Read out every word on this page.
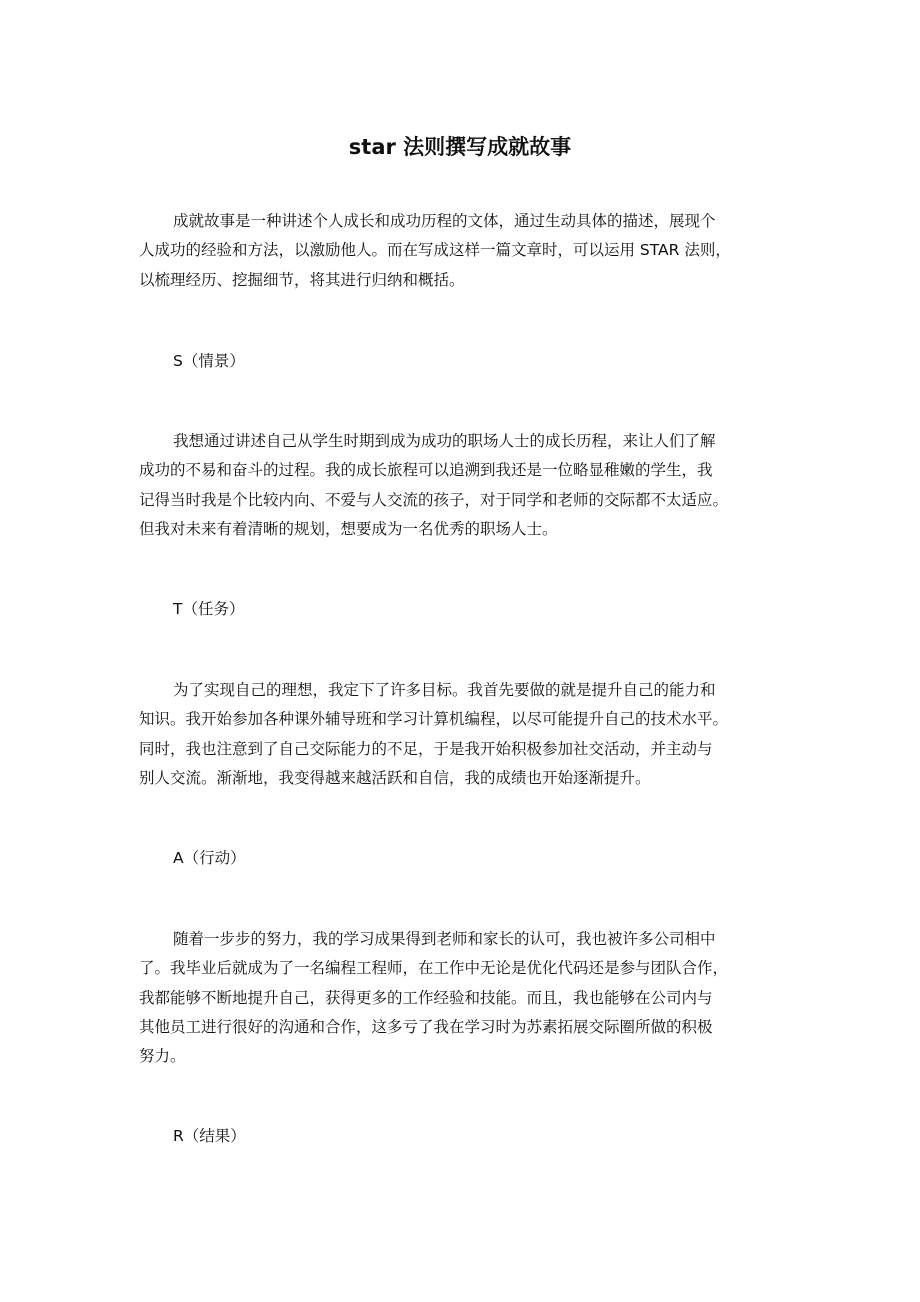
star 法则撰写成就故事

成就故事是一种讲述个人成长和成功历程的文体，通过生动具体的描述，展现个
人成功的经验和方法，以激励他人。而在写成这样一篇文章时，可以运用 STAR 法则，
以梳理经历、挖掘细节，将其进行归纳和概括。

S（情景）

我想通过讲述自己从学生时期到成为成功的职场人士的成长历程，来让人们了解
成功的不易和奋斗的过程。我的成长旅程可以追溯到我还是一位略显稚嫩的学生，我
记得当时我是个比较内向、不爱与人交流的孩子，对于同学和老师的交际都不太适应。
但我对未来有着清晰的规划，想要成为一名优秀的职场人士。

T（任务）

为了实现自己的理想，我定下了许多目标。我首先要做的就是提升自己的能力和
知识。我开始参加各种课外辅导班和学习计算机编程，以尽可能提升自己的技术水平。
同时，我也注意到了自己交际能力的不足，于是我开始积极参加社交活动，并主动与
别人交流。渐渐地，我变得越来越活跃和自信，我的成绩也开始逐渐提升。

A（行动）

随着一步步的努力，我的学习成果得到老师和家长的认可，我也被许多公司相中
了。我毕业后就成为了一名编程工程师，在工作中无论是优化代码还是参与团队合作，
我都能够不断地提升自己，获得更多的工作经验和技能。而且，我也能够在公司内与
其他员工进行很好的沟通和合作，这多亏了我在学习时为苏素拓展交际圈所做的积极
努力。

R（结果）
